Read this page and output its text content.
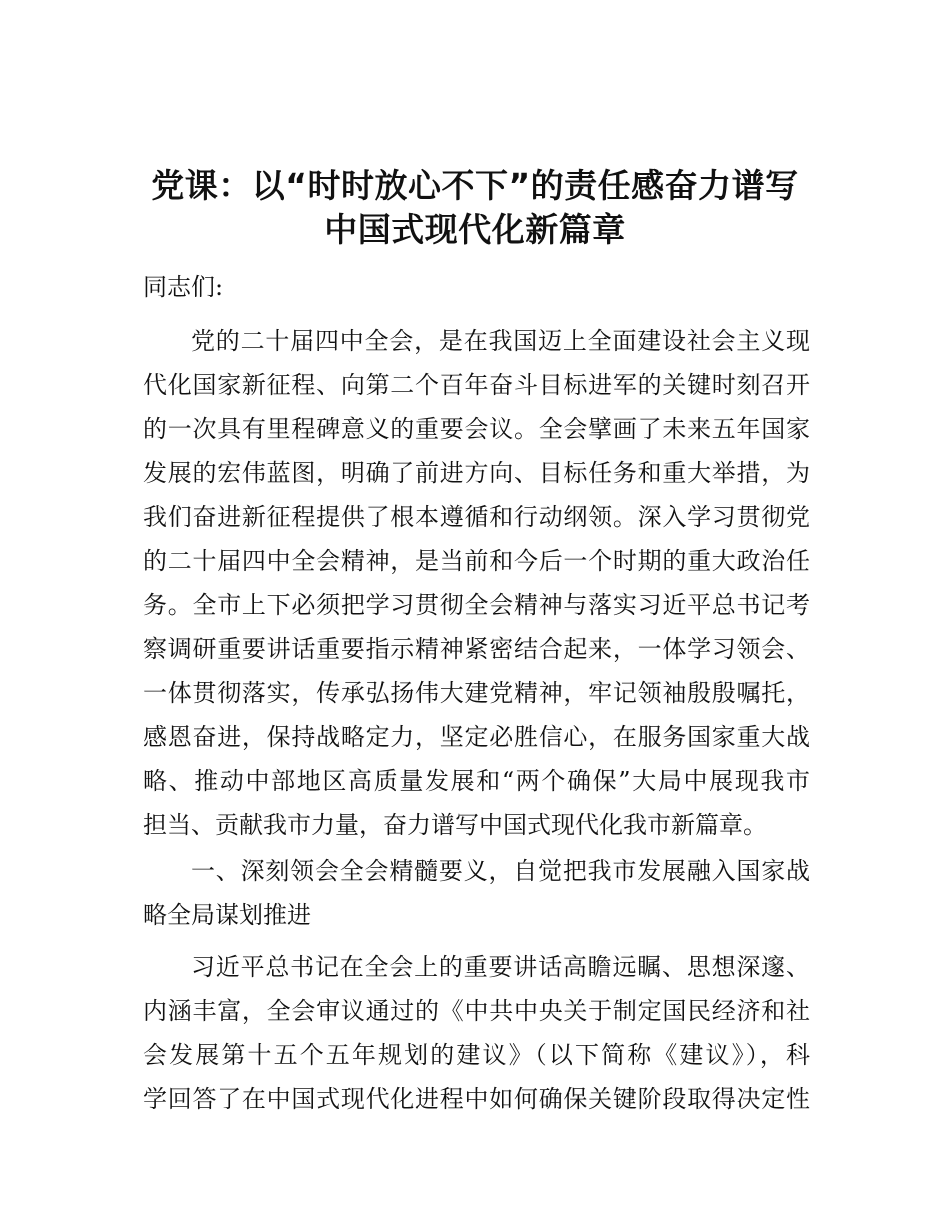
党课：以“时时放心不下”的责任感奋力谱写
中国式现代化新篇章
同志们:
党的二十届四中全会，是在我国迈上全面建设社会主义现
代化国家新征程、向第二个百年奋斗目标进军的关键时刻召开
的一次具有里程碑意义的重要会议。全会擘画了未来五年国家
发展的宏伟蓝图，明确了前进方向、目标任务和重大举措，为
我们奋进新征程提供了根本遵循和行动纲领。深入学习贯彻党
的二十届四中全会精神，是当前和今后一个时期的重大政治任
务。全市上下必须把学习贯彻全会精神与落实习近平总书记考
察调研重要讲话重要指示精神紧密结合起来，一体学习领会、
一体贯彻落实，传承弘扬伟大建党精神，牢记领袖殷殷嘱托，
感恩奋进，保持战略定力，坚定必胜信心，在服务国家重大战
略、推动中部地区高质量发展和“两个确保”大局中展现我市
担当、贡献我市力量，奋力谱写中国式现代化我市新篇章。
一、深刻领会全会精髓要义，自觉把我市发展融入国家战
略全局谋划推进
习近平总书记在全会上的重要讲话高瞻远瞩、思想深邃、
内涵丰富，全会审议通过的《中共中央关于制定国民经济和社
会发展第十五个五年规划的建议》（以下简称《建议》），科
学回答了在中国式现代化进程中如何确保关键阶段取得决定性
